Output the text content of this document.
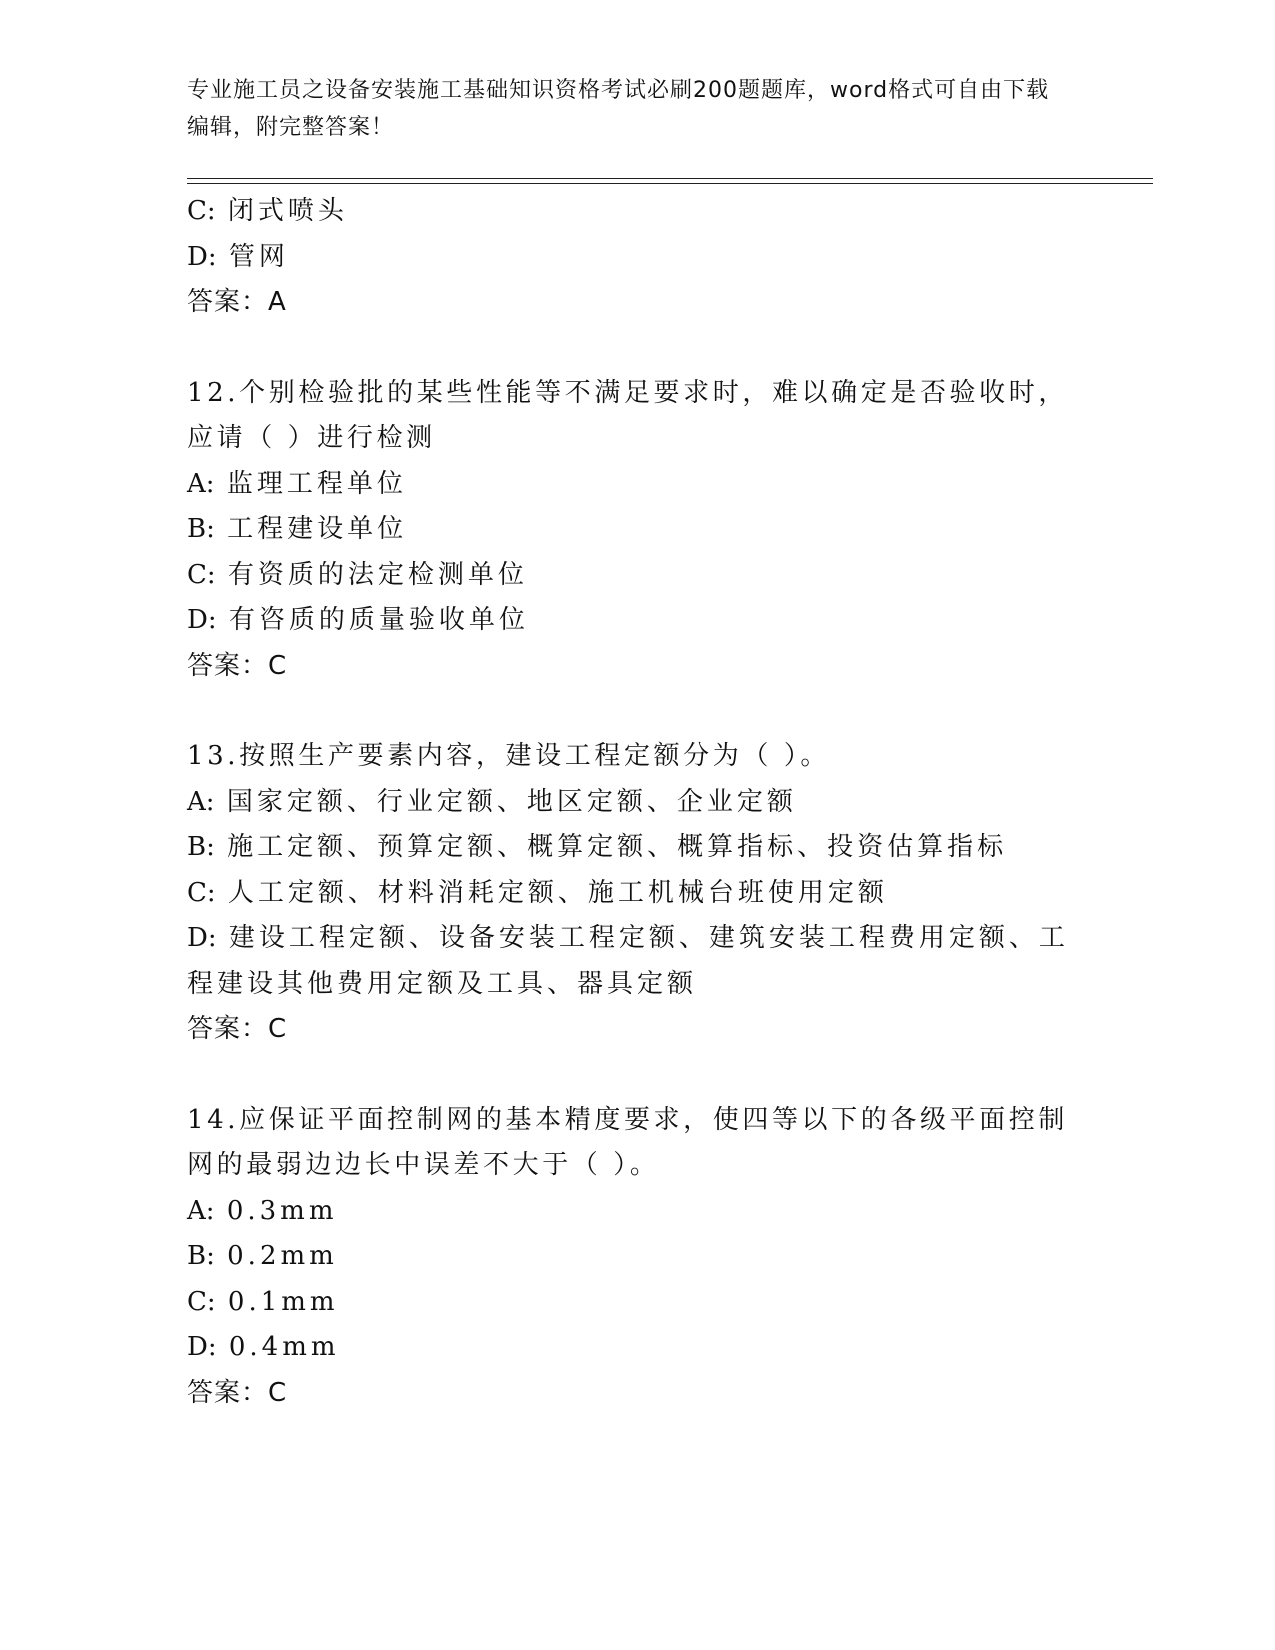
专业施工员之设备安装施工基础知识资格考试必刷200题题库，word格式可自由下载编辑，附完整答案！
C: 闭式喷头
D: 管网
答案：A
12.个别检验批的某些性能等不满足要求时，难以确定是否验收时，应请（ ）进行检测
A: 监理工程单位
B: 工程建设单位
C: 有资质的法定检测单位
D: 有咨质的质量验收单位
答案：C
13.按照生产要素内容，建设工程定额分为（ ）。
A: 国家定额、行业定额、地区定额、企业定额
B: 施工定额、预算定额、概算定额、概算指标、投资估算指标
C: 人工定额、材料消耗定额、施工机械台班使用定额
D: 建设工程定额、设备安装工程定额、建筑安装工程费用定额、工程建设其他费用定额及工具、器具定额
答案：C
14.应保证平面控制网的基本精度要求，使四等以下的各级平面控制网的最弱边边长中误差不大于（ ）。
A: 0.3mm
B: 0.2mm
C: 0.1mm
D: 0.4mm
答案：C
